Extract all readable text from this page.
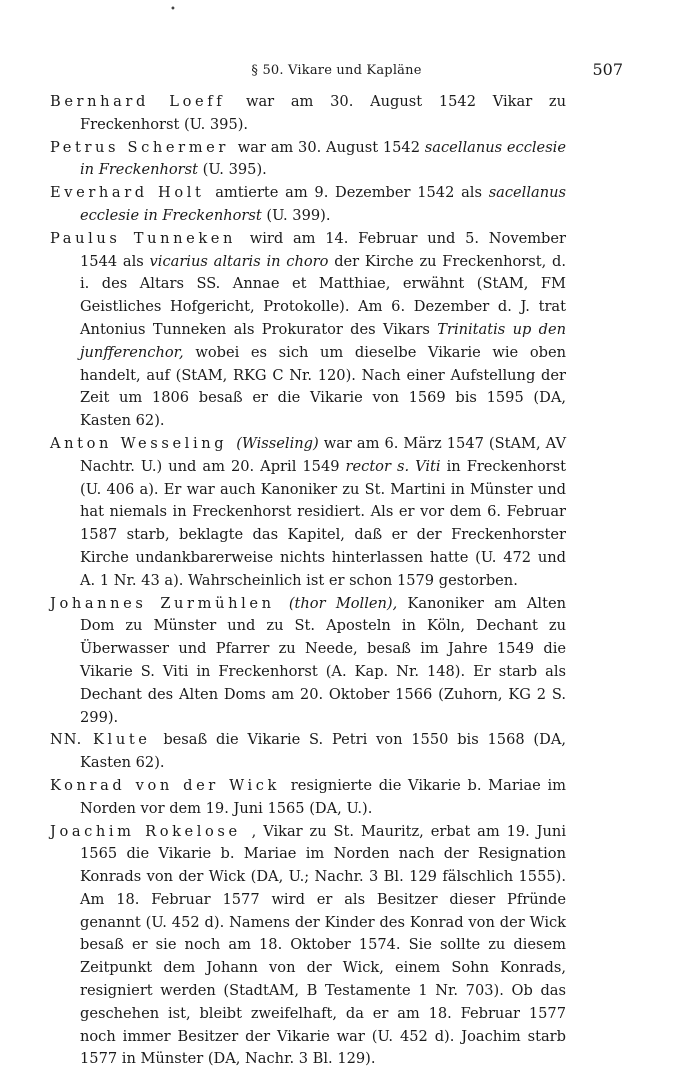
•
§ 50. Vikare und Kapläne	507

Bernhard Loeff war am 30. August 1542 Vikar zu Freckenhorst (U. 395).

Petrus Schermer war am 30. August 1542 sacellanus ecclesie in Freckenhorst (U. 395).

Everhard Holt amtierte am 9. Dezember 1542 als sacellanus ecclesie in Freckenhorst (U. 399).

Paulus Tunneken wird am 14. Februar und 5. November 1544 als vicarius altaris in choro der Kirche zu Freckenhorst, d. i. des Altars SS. Annae et Matthiae, erwähnt (StAM, FM Geistliches Hofgericht, Protokolle). Am 6. Dezember d. J. trat Antonius Tunneken als Prokurator des Vikars Trinitatis up den junfferenchor, wobei es sich um dieselbe Vikarie wie oben handelt, auf (StAM, RKG C Nr. 120). Nach einer Aufstellung der Zeit um 1806 besaß er die Vikarie von 1569 bis 1595 (DA, Kasten 62).

Anton Wesseling (Wisseling) war am 6. März 1547 (StAM, AV Nachtr. U.) und am 20. April 1549 rector s. Viti in Freckenhorst (U. 406 a). Er war auch Kanoniker zu St. Martini in Münster und hat niemals in Freckenhorst residiert. Als er vor dem 6. Februar 1587 starb, beklagte das Kapitel, daß er der Freckenhorster Kirche undankbarerweise nichts hinterlassen hatte (U. 472 und A. 1 Nr. 43 a). Wahrscheinlich ist er schon 1579 gestorben.

Johannes Zurmühlen (thor Mollen), Kanoniker am Alten Dom zu Münster und zu St. Aposteln in Köln, Dechant zu Überwasser und Pfarrer zu Neede, besaß im Jahre 1549 die Vikarie S. Viti in Freckenhorst (A. Kap. Nr. 148). Er starb als Dechant des Alten Doms am 20. Oktober 1566 (Zuhorn, KG 2 S. 299).

NN. Klute besaß die Vikarie S. Petri von 1550 bis 1568 (DA, Kasten 62).

Konrad von der Wick resignierte die Vikarie b. Mariae im Norden vor dem 19. Juni 1565 (DA, U.).

Joachim Rokelose , Vikar zu St. Mauritz, erbat am 19. Juni 1565 die Vikarie b. Mariae im Norden nach der Resignation Konrads von der Wick (DA, U.; Nachr. 3 Bl. 129 fälschlich 1555). Am 18. Februar 1577 wird er als Besitzer dieser Pfründe genannt (U. 452 d). Namens der Kinder des Konrad von der Wick besaß er sie noch am 18. Oktober 1574. Sie sollte zu diesem Zeitpunkt dem Johann von der Wick, einem Sohn Konrads, resigniert werden (StadtAM, B Testamente 1 Nr. 703). Ob das geschehen ist, bleibt zweifelhaft, da er am 18. Februar 1577 noch immer Besitzer der Vikarie war (U. 452 d). Joachim starb 1577 in Münster (DA, Nachr. 3 Bl. 129).
